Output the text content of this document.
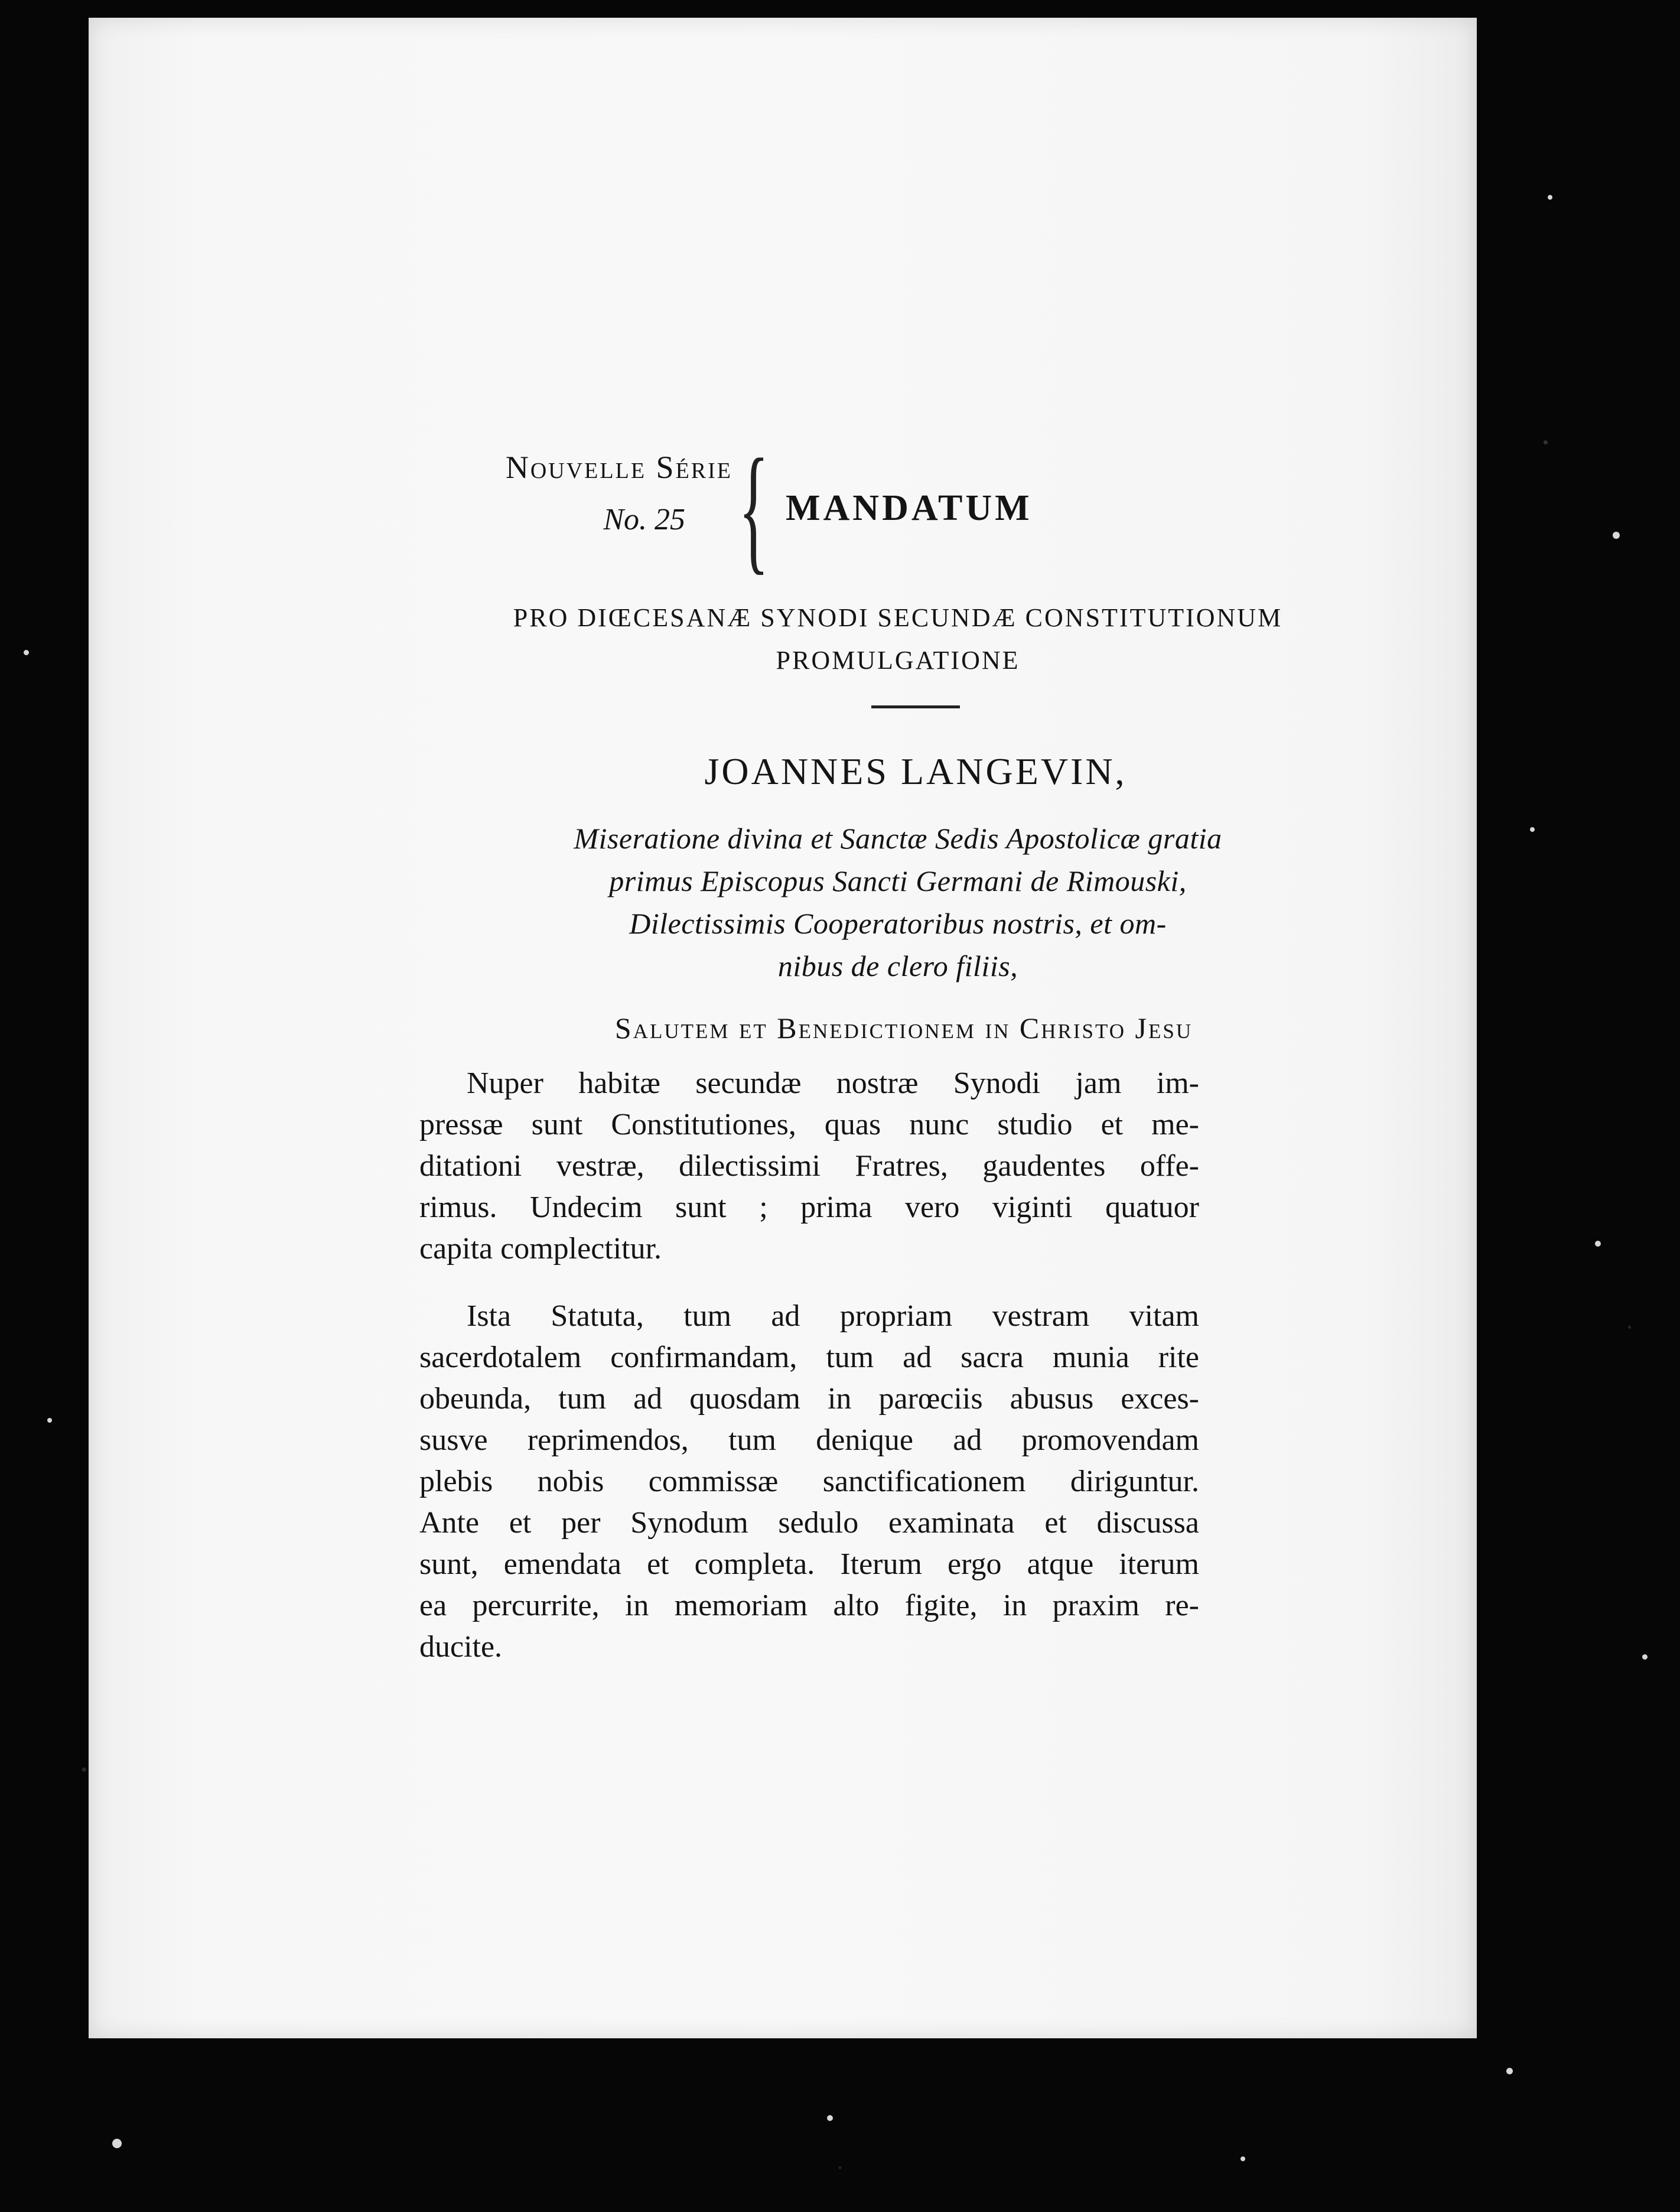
Nouvelle Série
No. 25 { MANDATUM
PRO DIŒCESANÆ SYNODI SECUNDÆ CONSTITUTIONUM
PROMULGATIONE
JOANNES LANGEVIN,
Miseratione divina et Sanctæ Sedis Apostolicæ gratia
primus Episcopus Sancti Germani de Rimouski,
Dilectissimis Cooperatoribus nostris, et om-
nibus de clero filiis,
Salutem et Benedictionem in Christo Jesu
Nuper habitæ secundæ nostræ Synodi jam im-
pressæ sunt Constitutiones, quas nunc studio et me-
ditationi vestræ, dilectissimi Fratres, gaudentes offe-
rimus. Undecim sunt ; prima vero viginti quatuor
capita complectitur.
Ista Statuta, tum ad propriam vestram vitam
sacerdotalem confirmandam, tum ad sacra munia rite
obeunda, tum ad quosdam in parœciis abusus exces-
susve reprimendos, tum denique ad promovendam
plebis nobis commissæ sanctificationem diriguntur.
Ante et per Synodum sedulo examinata et discussa
sunt, emendata et completa. Iterum ergo atque iterum
ea percurrite, in memoriam alto figite, in praxim re-
ducite.
